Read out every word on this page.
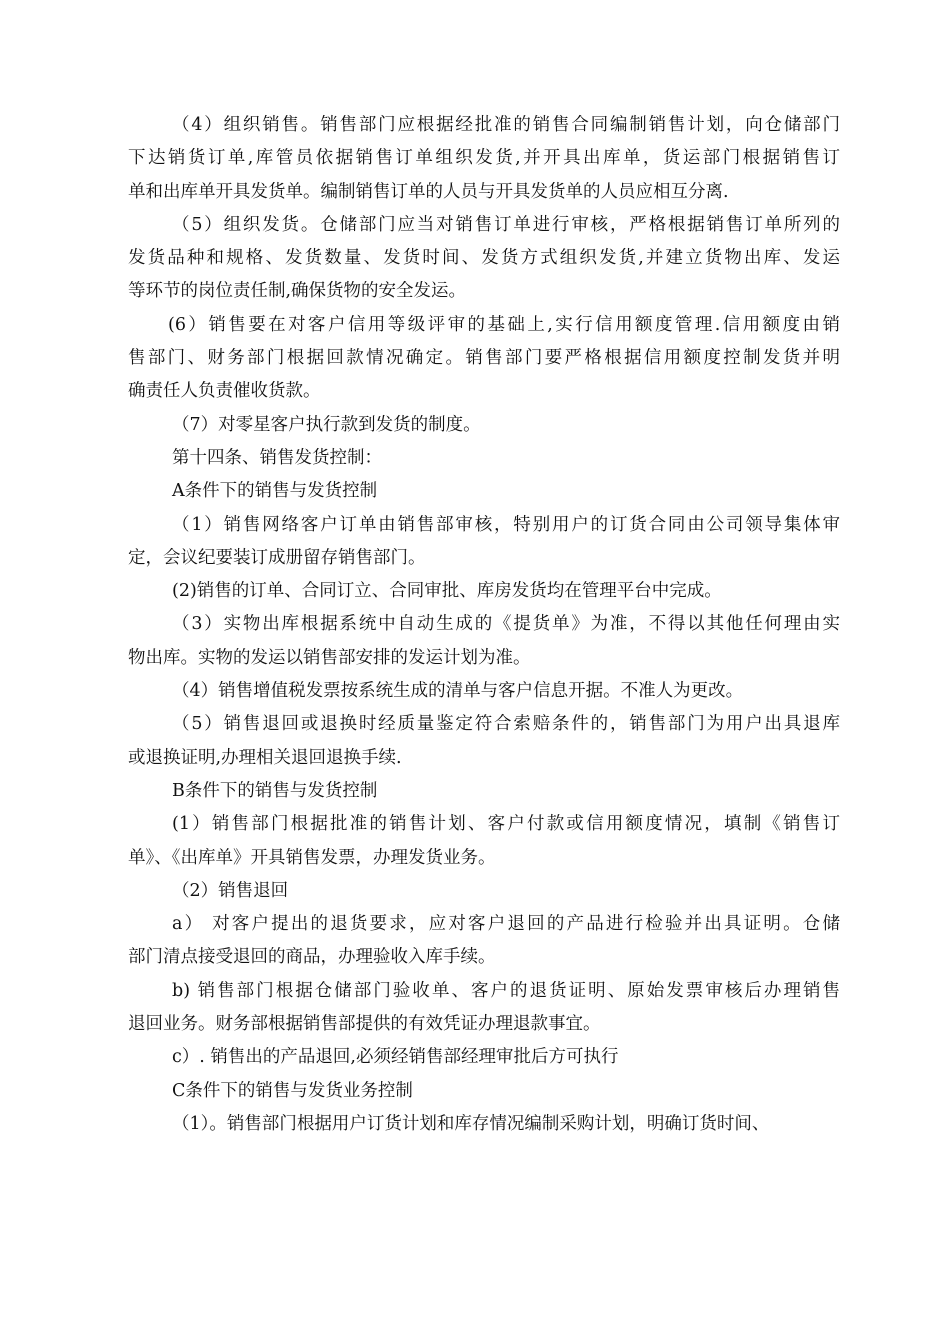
（4）组织销售。销售部门应根据经批准的销售合同编制销售计划，向仓储部门
下达销货订单,库管员依据销售订单组织发货,并开具出库单，货运部门根据销售订
单和出库单开具发货单。编制销售订单的人员与开具发货单的人员应相互分离.
（5）组织发货。仓储部门应当对销售订单进行审核，严格根据销售订单所列的
发货品种和规格、发货数量、发货时间、发货方式组织发货,并建立货物出库、发运
等环节的岗位责任制,确保货物的安全发运。
(6）销售要在对客户信用等级评审的基础上,实行信用额度管理.信用额度由销
售部门、财务部门根据回款情况确定。销售部门要严格根据信用额度控制发货并明
确责任人负责催收货款。
（7）对零星客户执行款到发货的制度。
第十四条、销售发货控制：
A条件下的销售与发货控制
（1）销售网络客户订单由销售部审核，特别用户的订货合同由公司领导集体审
定，会议纪要装订成册留存销售部门。
(2)销售的订单、合同订立、合同审批、库房发货均在管理平台中完成。
（3）实物出库根据系统中自动生成的《提货单》为准，不得以其他任何理由实
物出库。实物的发运以销售部安排的发运计划为准。
（4）销售增值税发票按系统生成的清单与客户信息开据。不准人为更改。
（5）销售退回或退换时经质量鉴定符合索赔条件的，销售部门为用户出具退库
或退换证明,办理相关退回退换手续.
B条件下的销售与发货控制
(1）销售部门根据批准的销售计划、客户付款或信用额度情况，填制《销售订
单》、《出库单》开具销售发票，办理发货业务。
（2）销售退回
a） 对客户提出的退货要求，应对客户退回的产品进行检验并出具证明。仓储
部门清点接受退回的商品，办理验收入库手续。
b) 销售部门根据仓储部门验收单、客户的退货证明、原始发票审核后办理销售
退回业务。财务部根据销售部提供的有效凭证办理退款事宜。
c）. 销售出的产品退回,必须经销售部经理审批后方可执行
C条件下的销售与发货业务控制
（1）。销售部门根据用户订货计划和库存情况编制采购计划，明确订货时间、
